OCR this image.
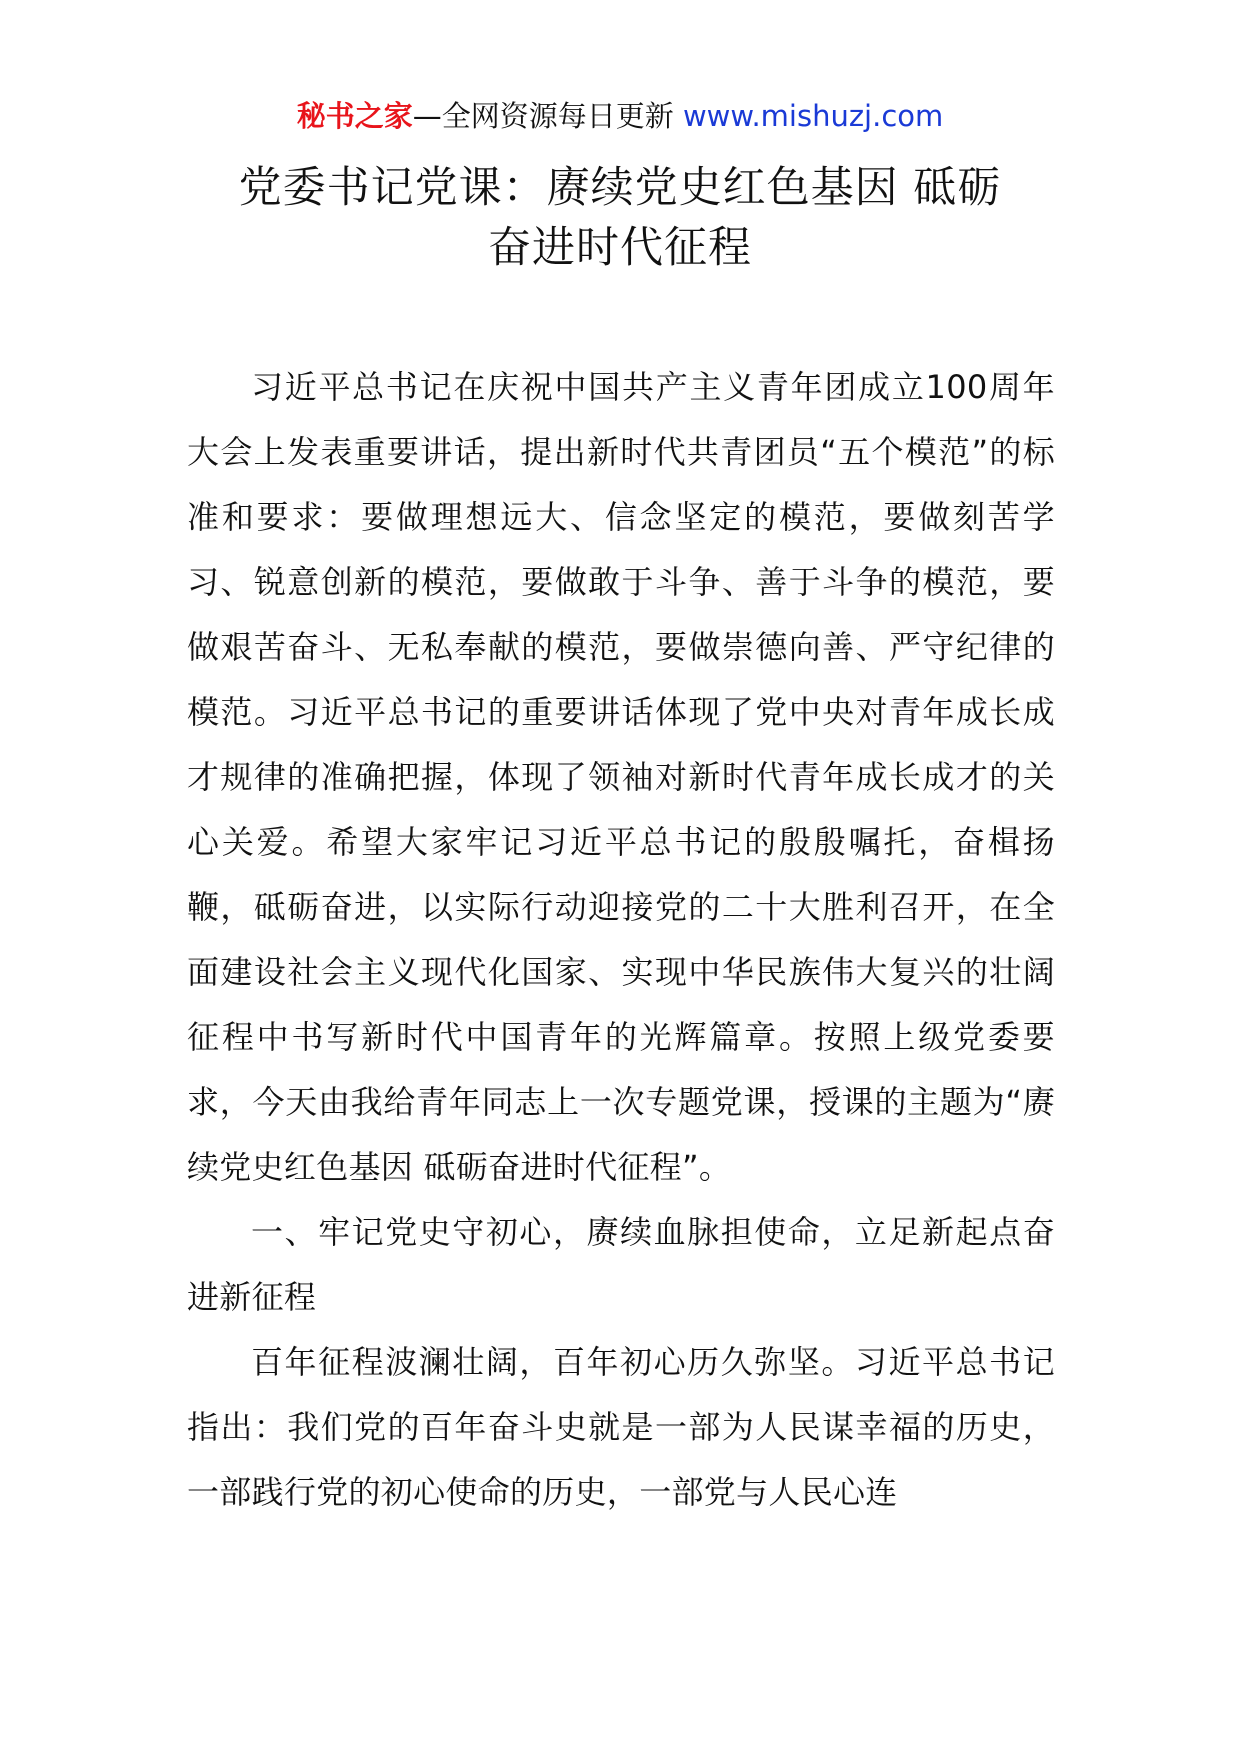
秘书之家—全网资源每日更新 www.mishuzj.com
党委书记党课：赓续党史红色基因 砥砺
奋进时代征程

习近平总书记在庆祝中国共产主义青年团成立100周年大会上发表重要讲话，提出新时代共青团员“五个模范”的标准和要求：要做理想远大、信念坚定的模范，要做刻苦学习、锐意创新的模范，要做敢于斗争、善于斗争的模范，要做艰苦奋斗、无私奉献的模范，要做崇德向善、严守纪律的模范。习近平总书记的重要讲话体现了党中央对青年成长成才规律的准确把握，体现了领袖对新时代青年成长成才的关心关爱。希望大家牢记习近平总书记的殷殷嘱托，奋楫扬鞭，砥砺奋进，以实际行动迎接党的二十大胜利召开，在全面建设社会主义现代化国家、实现中华民族伟大复兴的壮阔征程中书写新时代中国青年的光辉篇章。按照上级党委要求，今天由我给青年同志上一次专题党课，授课的主题为“赓续党史红色基因 砥砺奋进时代征程”。

一、牢记党史守初心，赓续血脉担使命，立足新起点奋进新征程

百年征程波澜壮阔，百年初心历久弥坚。习近平总书记指出：我们党的百年奋斗史就是一部为人民谋幸福的历史，一部践行党的初心使命的历史，一部党与人民心连
